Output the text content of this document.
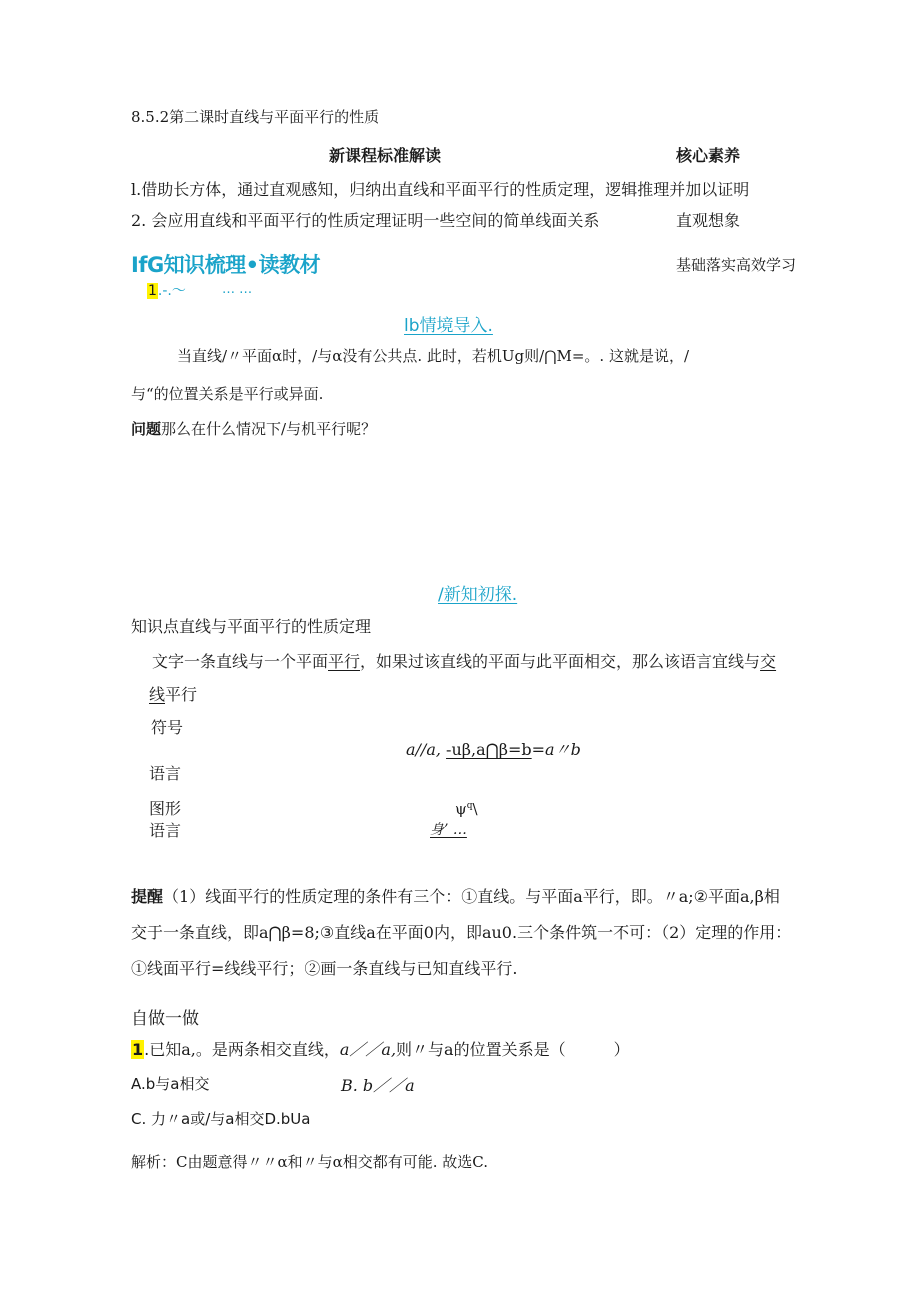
8.5.2第二课时直线与平面平行的性质
新课程标准解读	核心素养
l.借助长方体，通过直观感知，归纳出直线和平面平行的性质定理，逻辑推理并加以证明
2. 会应用直线和平面平行的性质定理证明一些空间的简单线面关系	直观想象
IfG知识梳理•读教材	基础落实高效学习
1.-.～	… …
lb情境导入.
当直线/〃平面α时，/与α没有公共点. 此时，若机Ug则/⋂M=。. 这就是说，/
与“的位置关系是平行或异面.
问题那么在什么情况下/与机平行呢？
/新知初探.
知识点直线与平面平行的性质定理
文字一条直线与一个平面平行，如果过该直线的平面与此平面相交，那么该语言宜线与交
线平行
符号
a//a, -uβ,a⋂β=b=a〃b
语言
图形	$\psi^q\backslash$
语言	身’ …
提醒（1）线面平行的性质定理的条件有三个：①直线。与平面a平行，即。〃a;②平面a,β相
交于一条直线，即a⋂β=8;③直线a在平面0内，即au0.三个条件筑一不可：（2）定理的作用：
①线面平行=线线平行；②画一条直线与已知直线平行.
自做一做
1.已知a,。是两条相交直线，a／／a,则〃与a的位置关系是（　　　）
A.b与a相交	B. b／／a
C. 力〃a或/与a相交D.bUa
解析：C由题意得〃〃α和〃与α相交都有可能. 故选C.
